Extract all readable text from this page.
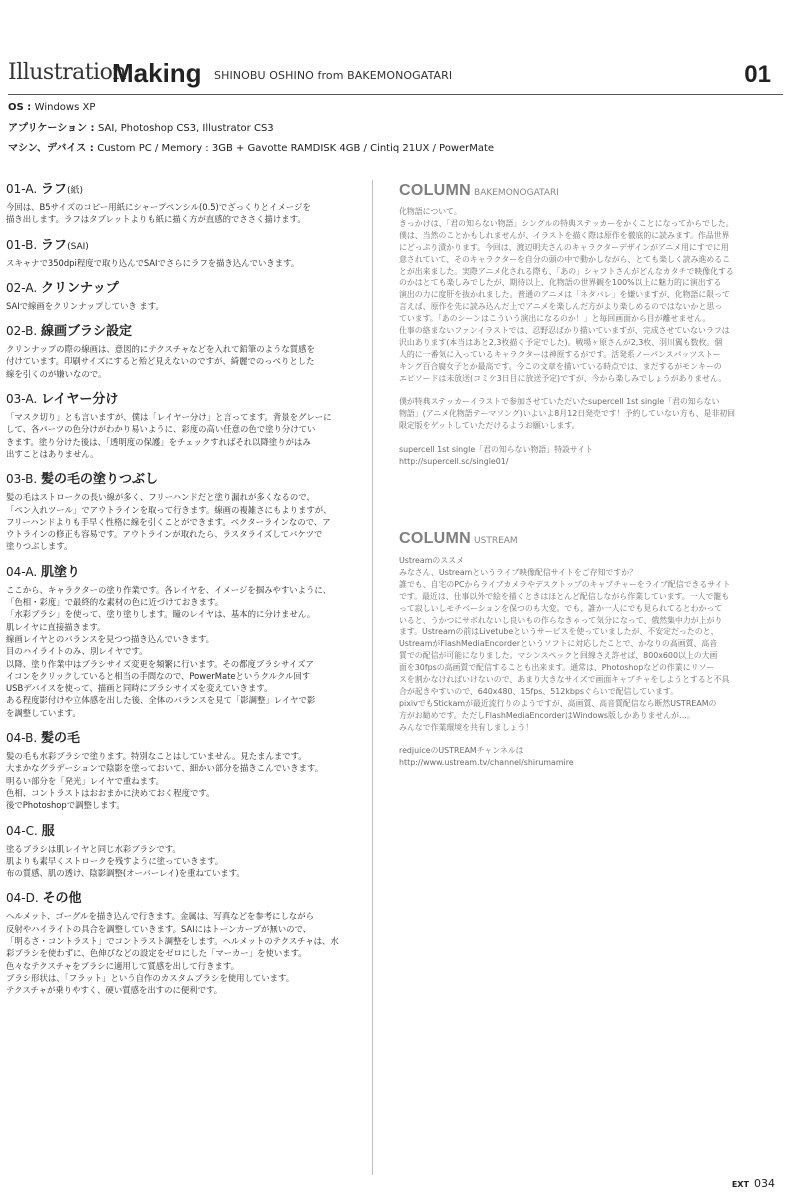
Illustration
Making SHINOBU OSHINO from BAKEMONOGATARI	01
OS : Windows XP
アプリケーション : SAI, Photoshop CS3, Illustrator CS3
マシン、デバイス : Custom PC / Memory : 3GB + Gavotte RAMDISK 4GB / Cintiq 21UX / PowerMate
01-A. ラフ(紙)
今回は、B5サイズのコピー用紙にシャープペンシル(0.5)でざっくりとイメージを
描き出します。ラフはタブレットよりも紙に描く方が直感的でささく描けます。
01-B. ラフ(SAI)
スキャナで350dpi程度で取り込んでSAIでさらにラフを描き込んでいきます。
02-A. クリンナップ
SAIで線画をクリンナップしていき ます。
02-B. 線画ブラシ設定
クリンナップの際の線画は、意図的にテクスチャなどを入れて鉛筆のような質感を
付けています。印刷サイズにすると殆ど見えないのですが、綺麗でのっぺりとした
線を引くのが嫌いなので。
03-A. レイヤー分け
「マスク切り」とも言いますが、僕は「レイヤー分け」と言ってます。背景をグレーに
して、各パーツの色分けがわかり易いように、彩度の高い任意の色で塗り分けてい
きます。塗り分けた後は、「透明度の保護」をチェックすればそれ以降塗りがはみ
出すことはありません。
03-B. 髪の毛の塗りつぶし
髪の毛はストロークの長い線が多く、フリーハンドだと塗り漏れが多くなるので、
「ペン入れツール」でアウトラインを取って行きます。線画の複雑さにもよりますが、
フリーハンドよりも手早く性格に線を引くことができます。ベクターラインなので、ア
ウトラインの修正も容易です。アウトラインが取れたら、ラスタライズしてバケツで
塗りつぶします。
04-A. 肌塗り
ここから、キャラクターの塗り作業です。各レイヤを、イメージを掴みやすいように、
「色相・彩度」で最終的な素材の色に近づけておきます。
「水彩ブラシ」を使って、塗り塗りします。瞳のレイヤは、基本的に分けません。
肌レイヤに直接描きます。
線画レイヤとのバランスを見つつ描き込んでいきます。
目のハイライトのみ、別レイヤです。
以降、塗り作業中はブラシサイズ変更を頻繁に行います。その都度ブラシサイズア
イコンをクリックしていると相当の手間なので、PowerMateというクルクル回す
USBデバイスを使って、描画と同時にブラシサイズを変えていきます。
ある程度影付けや立体感を出した後、全体のバランスを見て「影調整」レイヤで影
を調整しています。
04-B. 髪の毛
髪の毛も水彩ブラシで塗ります。特別なことはしていません。見たまんまです。
大まかなグラデーションで陰影を塗っておいて、細かい部分を描きこんでいきます。
明るい部分を「発光」レイヤで重ねます。
色相、コントラストはおおまかに決めておく程度です。
後でPhotoshopで調整します。
04-C. 服
塗るブラシは肌レイヤと同じ水彩ブラシです。
肌よりも素早くストロークを残すように塗っていきます。
布の質感、肌の透け、陰影調整(オーバーレイ)を重ねています。
04-D. その他
ヘルメット、ゴーグルを描き込んで行きます。金属は、写真などを参考にしながら
反射やハイライトの具合を調整していきます。SAIにはトーンカーブが無いので、
「明るさ・コントラスト」でコントラスト調整をします。ヘルメットのテクスチャは、水
彩ブラシを使わずに、色伸びなどの設定をゼロにした「マーカー」を使います。
色々なテクスチャをブラシに適用して質感を出して行きます。
ブラシ形状は、「フラット」という自作のカスタムブラシを使用しています。
テクスチャが乗りやすく、硬い質感を出すのに便利です。
COLUMN BAKEMONOGATARI
化物語について。
きっかけは、「君の知らない物語」シングルの特典ステッカーをかくことになってからでした。
僕は、当然のことかもしれませんが、イラストを描く際は原作を徹底的に読みます。作品世界
にどっぷり漬かります。今回は、渡辺明夫さんのキャラクターデザインがアニメ用にすでに用
意されていて、そのキャラクターを自分の頭の中で動かしながら、とても楽しく読み進めるこ
とが出来ました。実際アニメ化される際も、「あの」シャフトさんがどんなカタチで映像化する
のかはとても楽しみでしたが、期待以上、化物語の世界観を100%以上に魅力的に演出する
演出の力に度肝を抜かれました。普通のアニメは「ネタバレ」を嫌いますが、化物語に限って
言えば、原作を先に読み込んだ上でアニメを楽しんだ方がより楽しめるのではないかと思っ
ています。「あのシーンはこういう演出になるのか！」と毎回画面から目が離せません。
仕事の絡まないファンイラストでは、忍野忍ばかり描いていますが、完成させていないラフは
沢山あります(本当はあと2,3枚描く予定でした)。戦場ヶ原さんが2,3枚、羽川翼も数枚。個
人的に一番気に入っているキャラクターは神原するがです。活発系ノーパンスパッツストー
キング百合腐女子とか最高です。今この文章を描いている時点では、まだするがモンキーの
エピソードは未放送(コミケ3日目に放送予定)ですが、今から楽しみでしょうがありません。
僕が特典ステッカーイラストで参加させていただいたsupercell 1st single「君の知らない
物語」(アニメ化物語テーマソング)いよいよ8月12日発売です！予約していない方も、是非初回
限定版をゲットしていただけるようお願いします。
supercell 1st single「君の知らない物語」特設サイト
http://supercell.sc/single01/
COLUMN USTREAM
Ustreamのススメ
みなさん、Ustreamというライブ映像配信サイトをご存知ですか？
誰でも、自宅のPCからライブカメラやデスクトップのキャプチャーをライブ配信できるサイト
です。最近は、仕事以外で絵を描くときはほとんど配信しながら作業しています。一人で籠も
って寂しいしモチベーションを保つのも大変。でも、誰か一人にでも見られてるとわかって
いると、うかつにサボれないし良いもの作らなきゃって気分になって、俄然集中力が上がり
ます。Ustreamの前はLivetubeというサービスを使っていましたが、不安定だったのと、
UstreamがFlashMediaEncorderというソフトに対応したことで、かなりの高画質、高音
質での配信が可能になりました。マシンスペックと回線さえ許せば、800x600以上の大画
面を30fpsの高画質で配信することも出来ます。通常は、Photoshopなどの作業にリソー
スを割かなければいけないので、あまり大きなサイズで画面キャプチャをしようとすると不具
合が起きやすいので、640x480、15fps、512kbpsぐらいで配信しています。
pixivでもStickamが最近流行りのようですが、高画質、高音質配信なら断然USTREAMの
方がお勧めです。ただしFlashMediaEncorderはWindows版しかありませんが…。
みんなで作業環境を共有しましょう！
redjuiceのUSTREAMチャンネルは
http://www.ustream.tv/channel/shirumamire
EXT 034
